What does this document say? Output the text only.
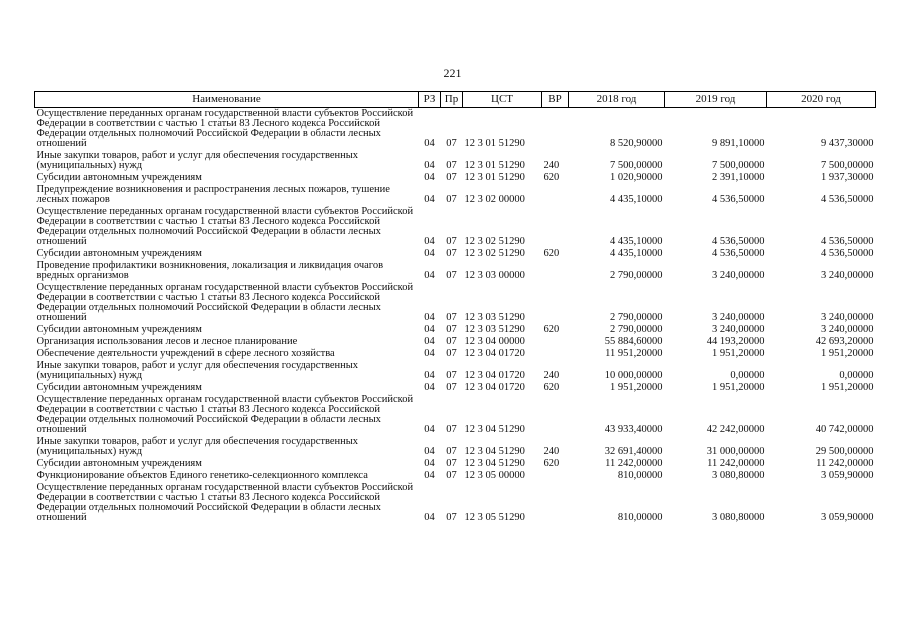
221
Наименование	РЗ	Пр	ЦСТ	ВР	2018 год	2019 год	2020 год
Осуществление переданных органам государственной власти субъектов Российской Федерации в соответствии с частью 1 статьи 83 Лесного кодекса Российской Федерации отдельных полномочий Российской Федерации в области лесных отношений	04	07	12 3 01 51290		8 520,90000	9 891,10000	9 437,30000
Иные закупки товаров, работ и услуг для обеспечения государственных (муниципальных) нужд	04	07	12 3 01 51290	240	7 500,00000	7 500,00000	7 500,00000
Субсидии автономным учреждениям	04	07	12 3 01 51290	620	1 020,90000	2 391,10000	1 937,30000
Предупреждение возникновения и распространения лесных пожаров, тушение лесных пожаров	04	07	12 3 02 00000		4 435,10000	4 536,50000	4 536,50000
Осуществление переданных органам государственной власти субъектов Российской Федерации в соответствии с частью 1 статьи 83 Лесного кодекса Российской Федерации отдельных полномочий Российской Федерации в области лесных отношений	04	07	12 3 02 51290		4 435,10000	4 536,50000	4 536,50000
Субсидии автономным учреждениям	04	07	12 3 02 51290	620	4 435,10000	4 536,50000	4 536,50000
Проведение профилактики возникновения, локализация и ликвидация очагов вредных организмов	04	07	12 3 03 00000		2 790,00000	3 240,00000	3 240,00000
Осуществление переданных органам государственной власти субъектов Российской Федерации в соответствии с частью 1 статьи 83 Лесного кодекса Российской Федерации отдельных полномочий Российской Федерации в области лесных отношений	04	07	12 3 03 51290		2 790,00000	3 240,00000	3 240,00000
Субсидии автономным учреждениям	04	07	12 3 03 51290	620	2 790,00000	3 240,00000	3 240,00000
Организация использования лесов и лесное планирование	04	07	12 3 04 00000		55 884,60000	44 193,20000	42 693,20000
Обеспечение деятельности учреждений в сфере лесного хозяйства	04	07	12 3 04 01720		11 951,20000	1 951,20000	1 951,20000
Иные закупки товаров, работ и услуг для обеспечения государственных (муниципальных) нужд	04	07	12 3 04 01720	240	10 000,00000	0,00000	0,00000
Субсидии автономным учреждениям	04	07	12 3 04 01720	620	1 951,20000	1 951,20000	1 951,20000
Осуществление переданных органам государственной власти субъектов Российской Федерации в соответствии с частью 1 статьи 83 Лесного кодекса Российской Федерации отдельных полномочий Российской Федерации в области лесных отношений	04	07	12 3 04 51290		43 933,40000	42 242,00000	40 742,00000
Иные закупки товаров, работ и услуг для обеспечения государственных (муниципальных) нужд	04	07	12 3 04 51290	240	32 691,40000	31 000,00000	29 500,00000
Субсидии автономным учреждениям	04	07	12 3 04 51290	620	11 242,00000	11 242,00000	11 242,00000
Функционирование объектов Единого генетико-селекционного комплекса	04	07	12 3 05 00000		810,00000	3 080,80000	3 059,90000
Осуществление переданных органам государственной власти субъектов Российской Федерации в соответствии с частью 1 статьи 83 Лесного кодекса Российской Федерации отдельных полномочий Российской Федерации в области лесных отношений	04	07	12 3 05 51290		810,00000	3 080,80000	3 059,90000
